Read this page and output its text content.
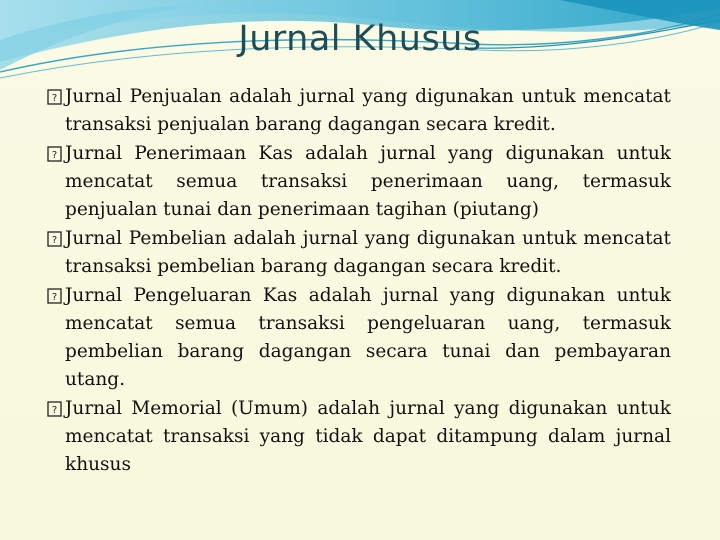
Jurnal Khusus
? Jurnal Penjualan adalah jurnal yang digunakan untuk mencatat transaksi penjualan barang dagangan secara kredit.
? Jurnal Penerimaan Kas adalah jurnal yang digunakan untuk mencatat semua transaksi penerimaan uang, termasuk penjualan tunai dan penerimaan tagihan (piutang)
? Jurnal Pembelian adalah jurnal yang digunakan untuk mencatat transaksi pembelian barang dagangan secara kredit.
? Jurnal Pengeluaran Kas adalah jurnal yang digunakan untuk mencatat semua transaksi pengeluaran uang, termasuk pembelian barang dagangan secara tunai dan pembayaran utang.
? Jurnal Memorial (Umum) adalah jurnal yang digunakan untuk mencatat transaksi yang tidak dapat ditampung dalam jurnal khusus
